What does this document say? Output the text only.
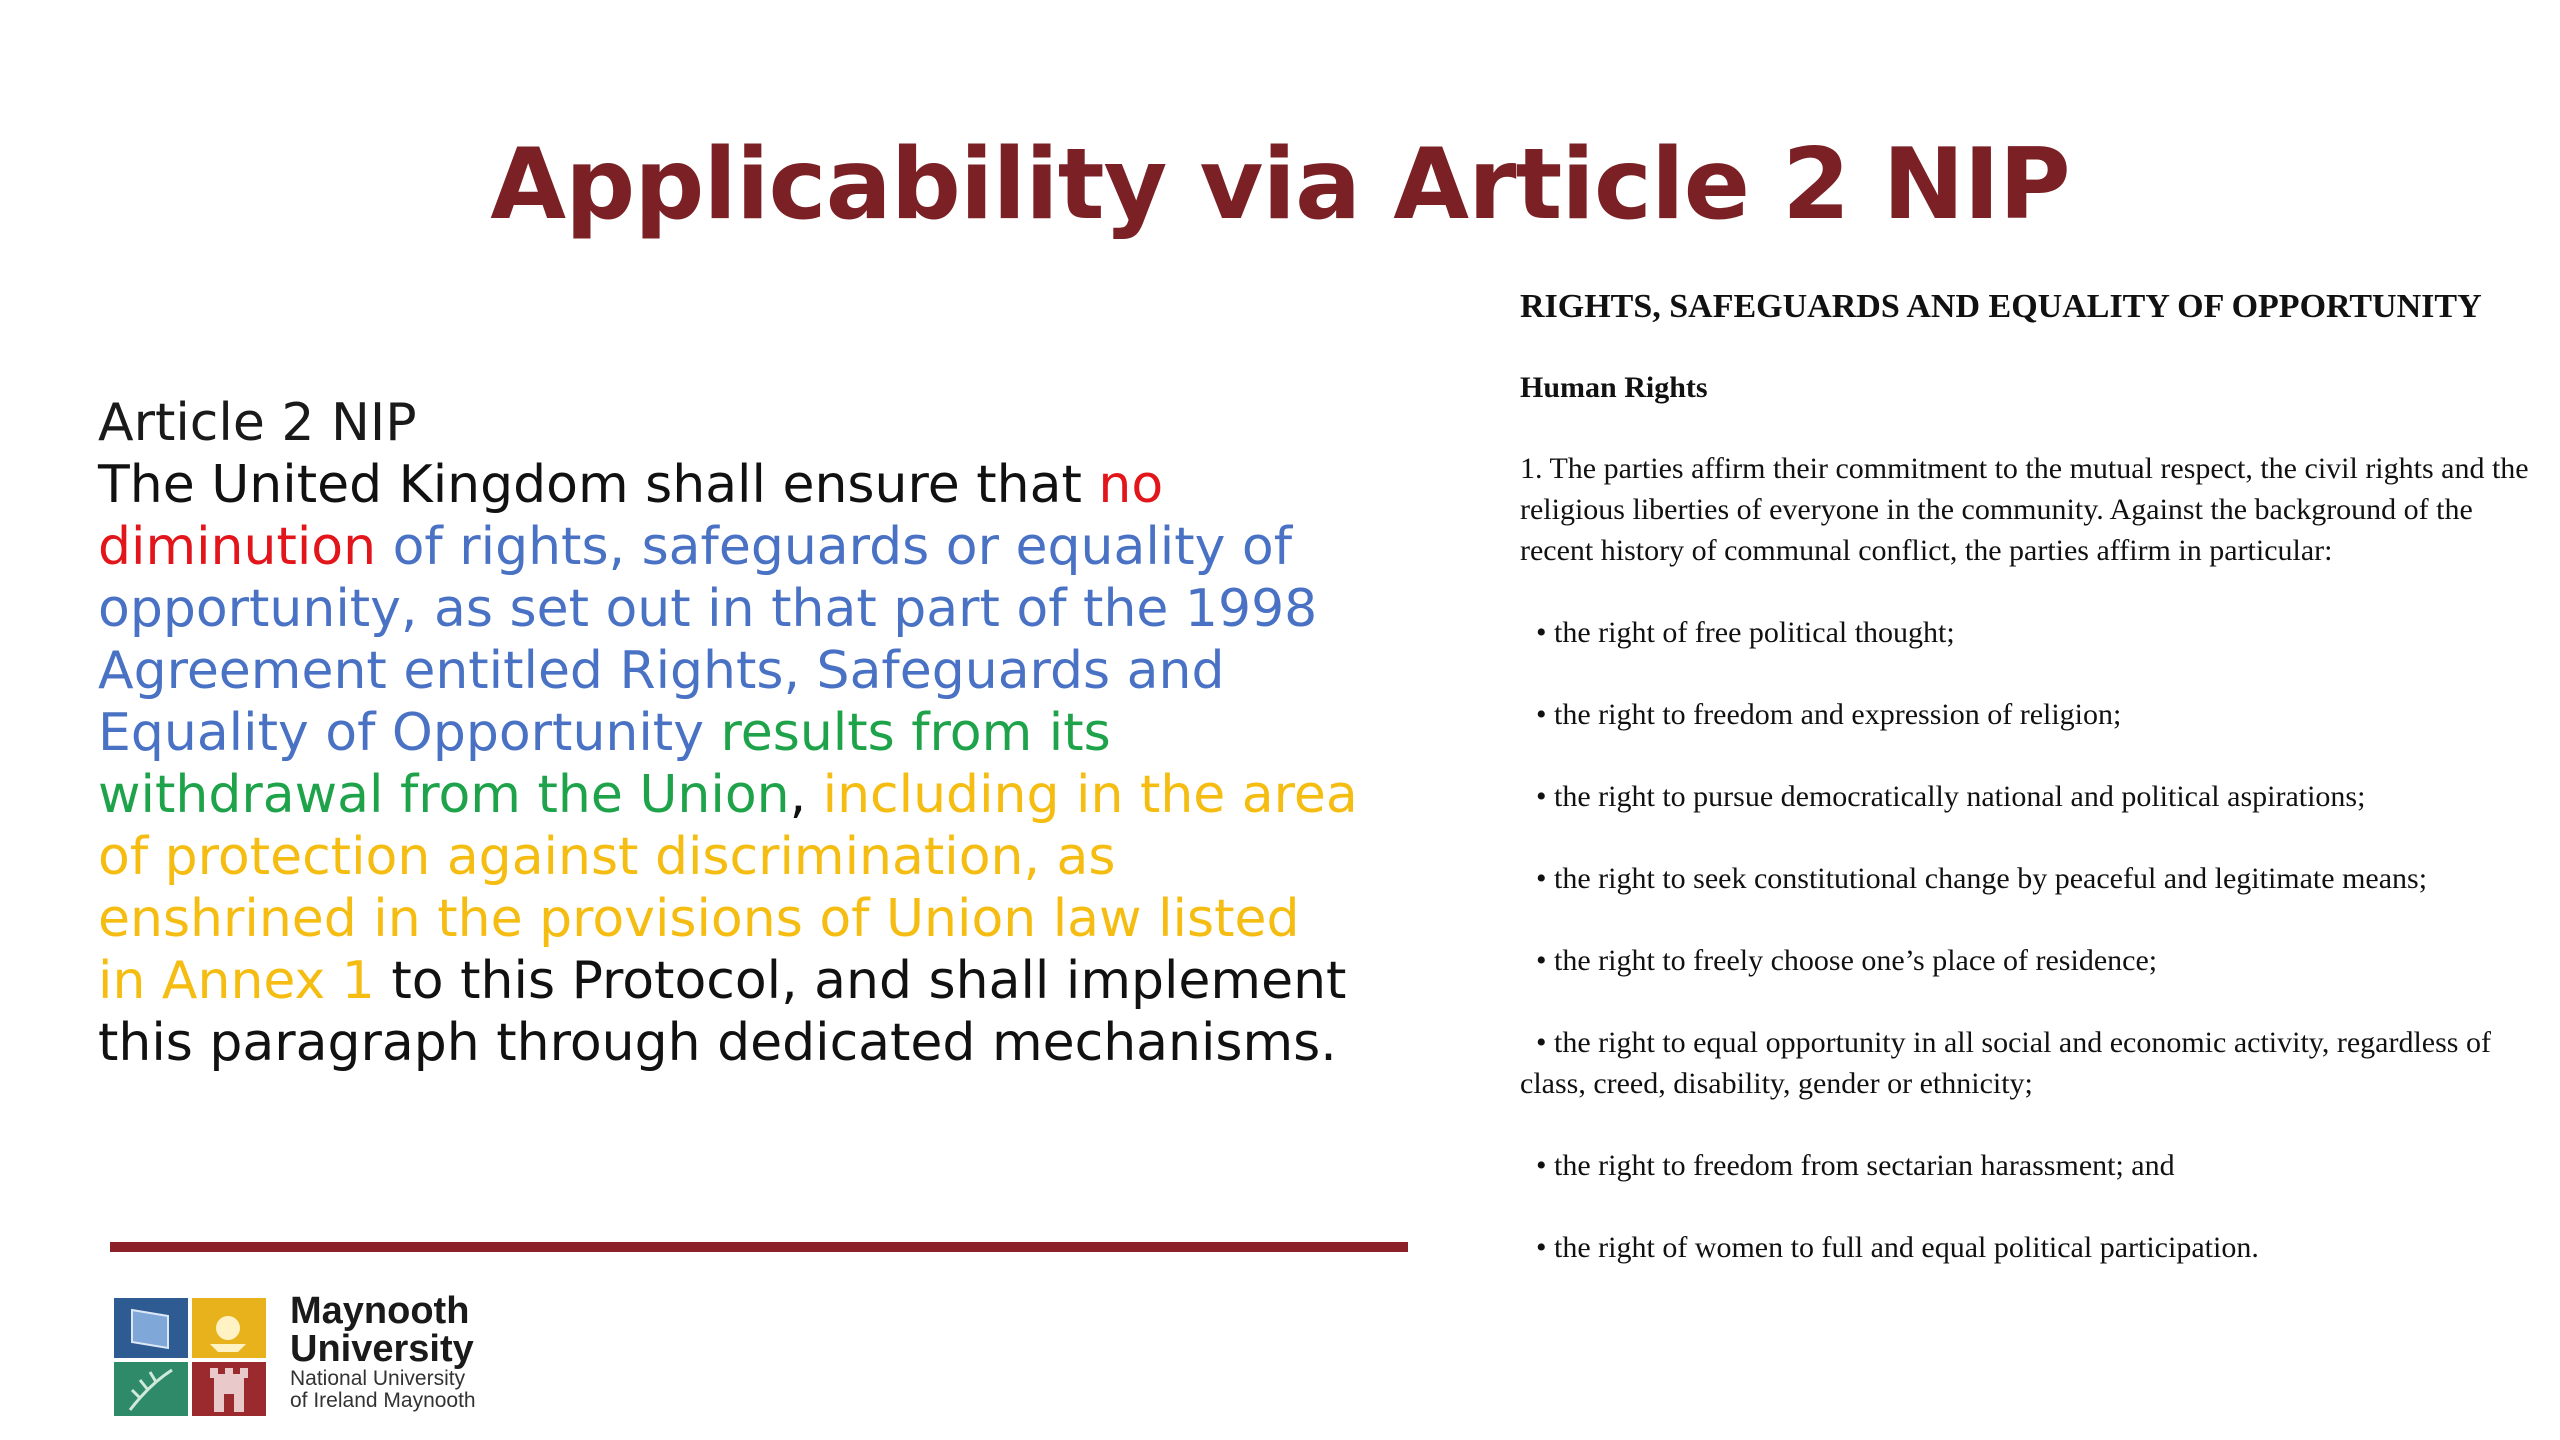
Applicability via Article 2 NIP
Article 2 NIP
The United Kingdom shall ensure that no diminution of rights, safeguards or equality of opportunity, as set out in that part of the 1998 Agreement entitled Rights, Safeguards and Equality of Opportunity results from its withdrawal from the Union, including in the area of protection against discrimination, as enshrined in the provisions of Union law listed in Annex 1 to this Protocol, and shall implement this paragraph through dedicated mechanisms.
Maynooth
University
National University
of Ireland Maynooth

RIGHTS, SAFEGUARDS AND EQUALITY OF OPPORTUNITY

Human Rights

1. The parties affirm their commitment to the mutual respect, the civil rights and the religious liberties of everyone in the community. Against the background of the recent history of communal conflict, the parties affirm in particular:

• the right of free political thought;
• the right to freedom and expression of religion;
• the right to pursue democratically national and political aspirations;
• the right to seek constitutional change by peaceful and legitimate means;
• the right to freely choose one’s place of residence;
• the right to equal opportunity in all social and economic activity, regardless of class, creed, disability, gender or ethnicity;
• the right to freedom from sectarian harassment; and
• the right of women to full and equal political participation.
